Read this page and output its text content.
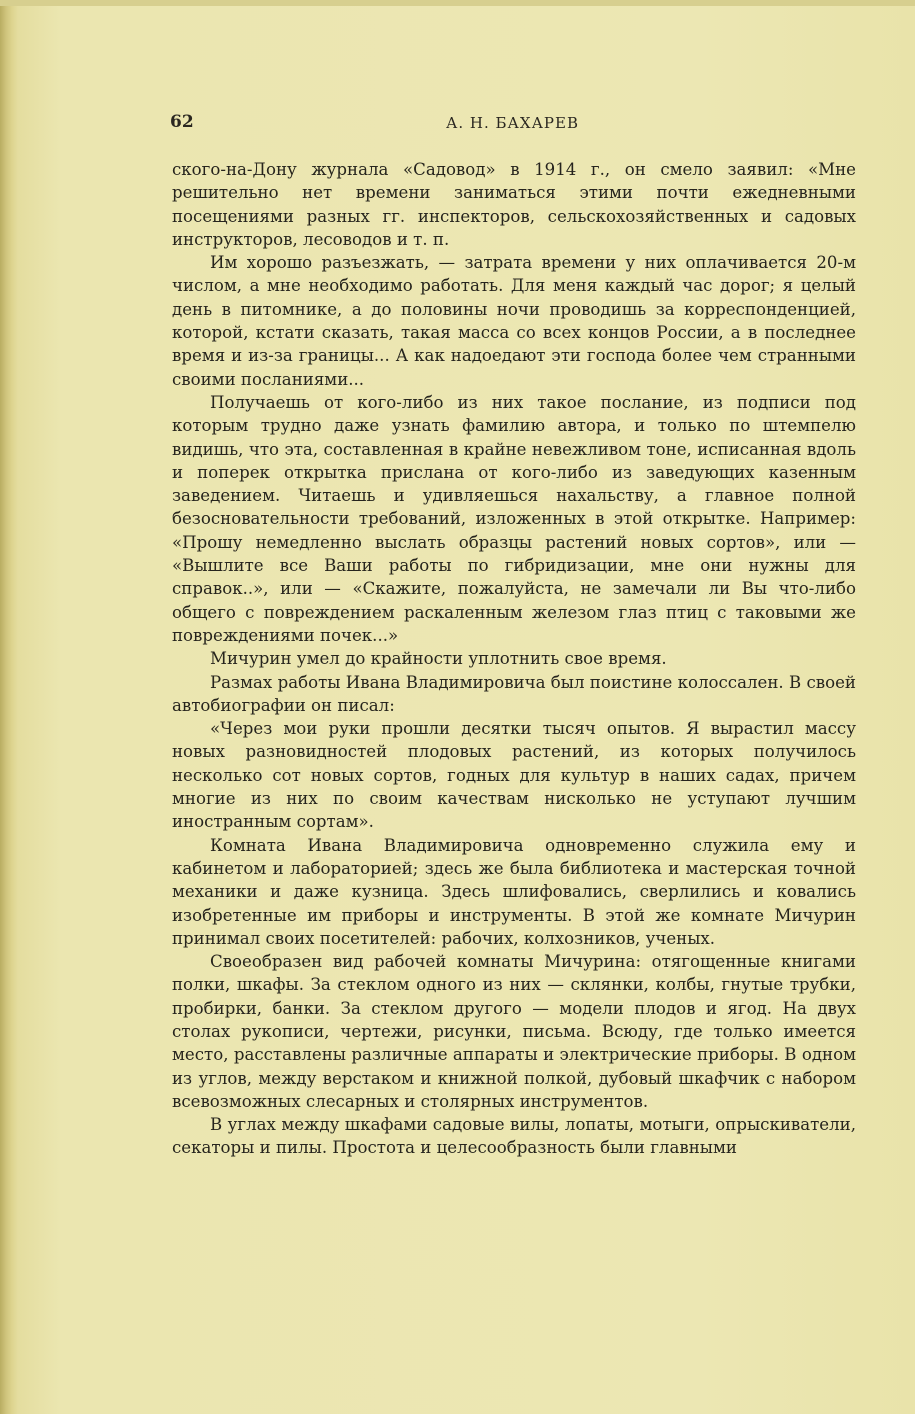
62	А. Н. БАХАРЕВ

ского-на-Дону журнала «Садовод» в 1914 г., он смело заявил: «Мне решительно нет времени заниматься этими почти ежедневными посещениями разных гг. инспекторов, сельскохозяйственных и садовых инструкторов, лесоводов и т. п.

Им хорошо разъезжать, — затрата времени у них оплачивается 20-м числом, а мне необходимо работать. Для меня каждый час дорог; я целый день в питомнике, а до половины ночи проводишь за корреспонденцией, которой, кстати сказать, такая масса со всех концов России, а в последнее время и из-за границы... А как надоедают эти господа более чем странными своими посланиями...

Получаешь от кого-либо из них такое послание, из подписи под которым трудно даже узнать фамилию автора, и только по штемпелю видишь, что эта, составленная в крайне невежливом тоне, исписанная вдоль и поперек открытка прислана от кого-либо из заведующих казенным заведением. Читаешь и удивляешься нахальству, а главное полной безосновательности требований, изложенных в этой открытке. Например: «Прошу немедленно выслать образцы растений новых сортов», или — «Вышлите все Ваши работы по гибридизации, мне они нужны для справок..», или — «Скажите, пожалуйста, не замечали ли Вы что-либо общего с повреждением раскаленным железом глаз птиц с таковыми же повреждениями почек...»

Мичурин умел до крайности уплотнить свое время.

Размах работы Ивана Владимировича был поистине колоссален. В своей автобиографии он писал:

«Через мои руки прошли десятки тысяч опытов. Я вырастил массу новых разновидностей плодовых растений, из которых получилось несколько сот новых сортов, годных для культур в наших садах, причем многие из них по своим качествам нисколько не уступают лучшим иностранным сортам».

Комната Ивана Владимировича одновременно служила ему и кабинетом и лабораторией; здесь же была библиотека и мастерская точной механики и даже кузница. Здесь шлифовались, сверлились и ковались изобретенные им приборы и инструменты. В этой же комнате Мичурин принимал своих посетителей: рабочих, колхозников, ученых.

Своеобразен вид рабочей комнаты Мичурина: отягощенные книгами полки, шкафы. За стеклом одного из них — склянки, колбы, гнутые трубки, пробирки, банки. За стеклом другого — модели плодов и ягод. На двух столах рукописи, чертежи, рисунки, письма. Всюду, где только имеется место, расставлены различные аппараты и электрические приборы. В одном из углов, между верстаком и книжной полкой, дубовый шкафчик с набором всевозможных слесарных и столярных инструментов.

В углах между шкафами садовые вилы, лопаты, мотыги, опрыскиватели, секаторы и пилы. Простота и целесообразность были главными
